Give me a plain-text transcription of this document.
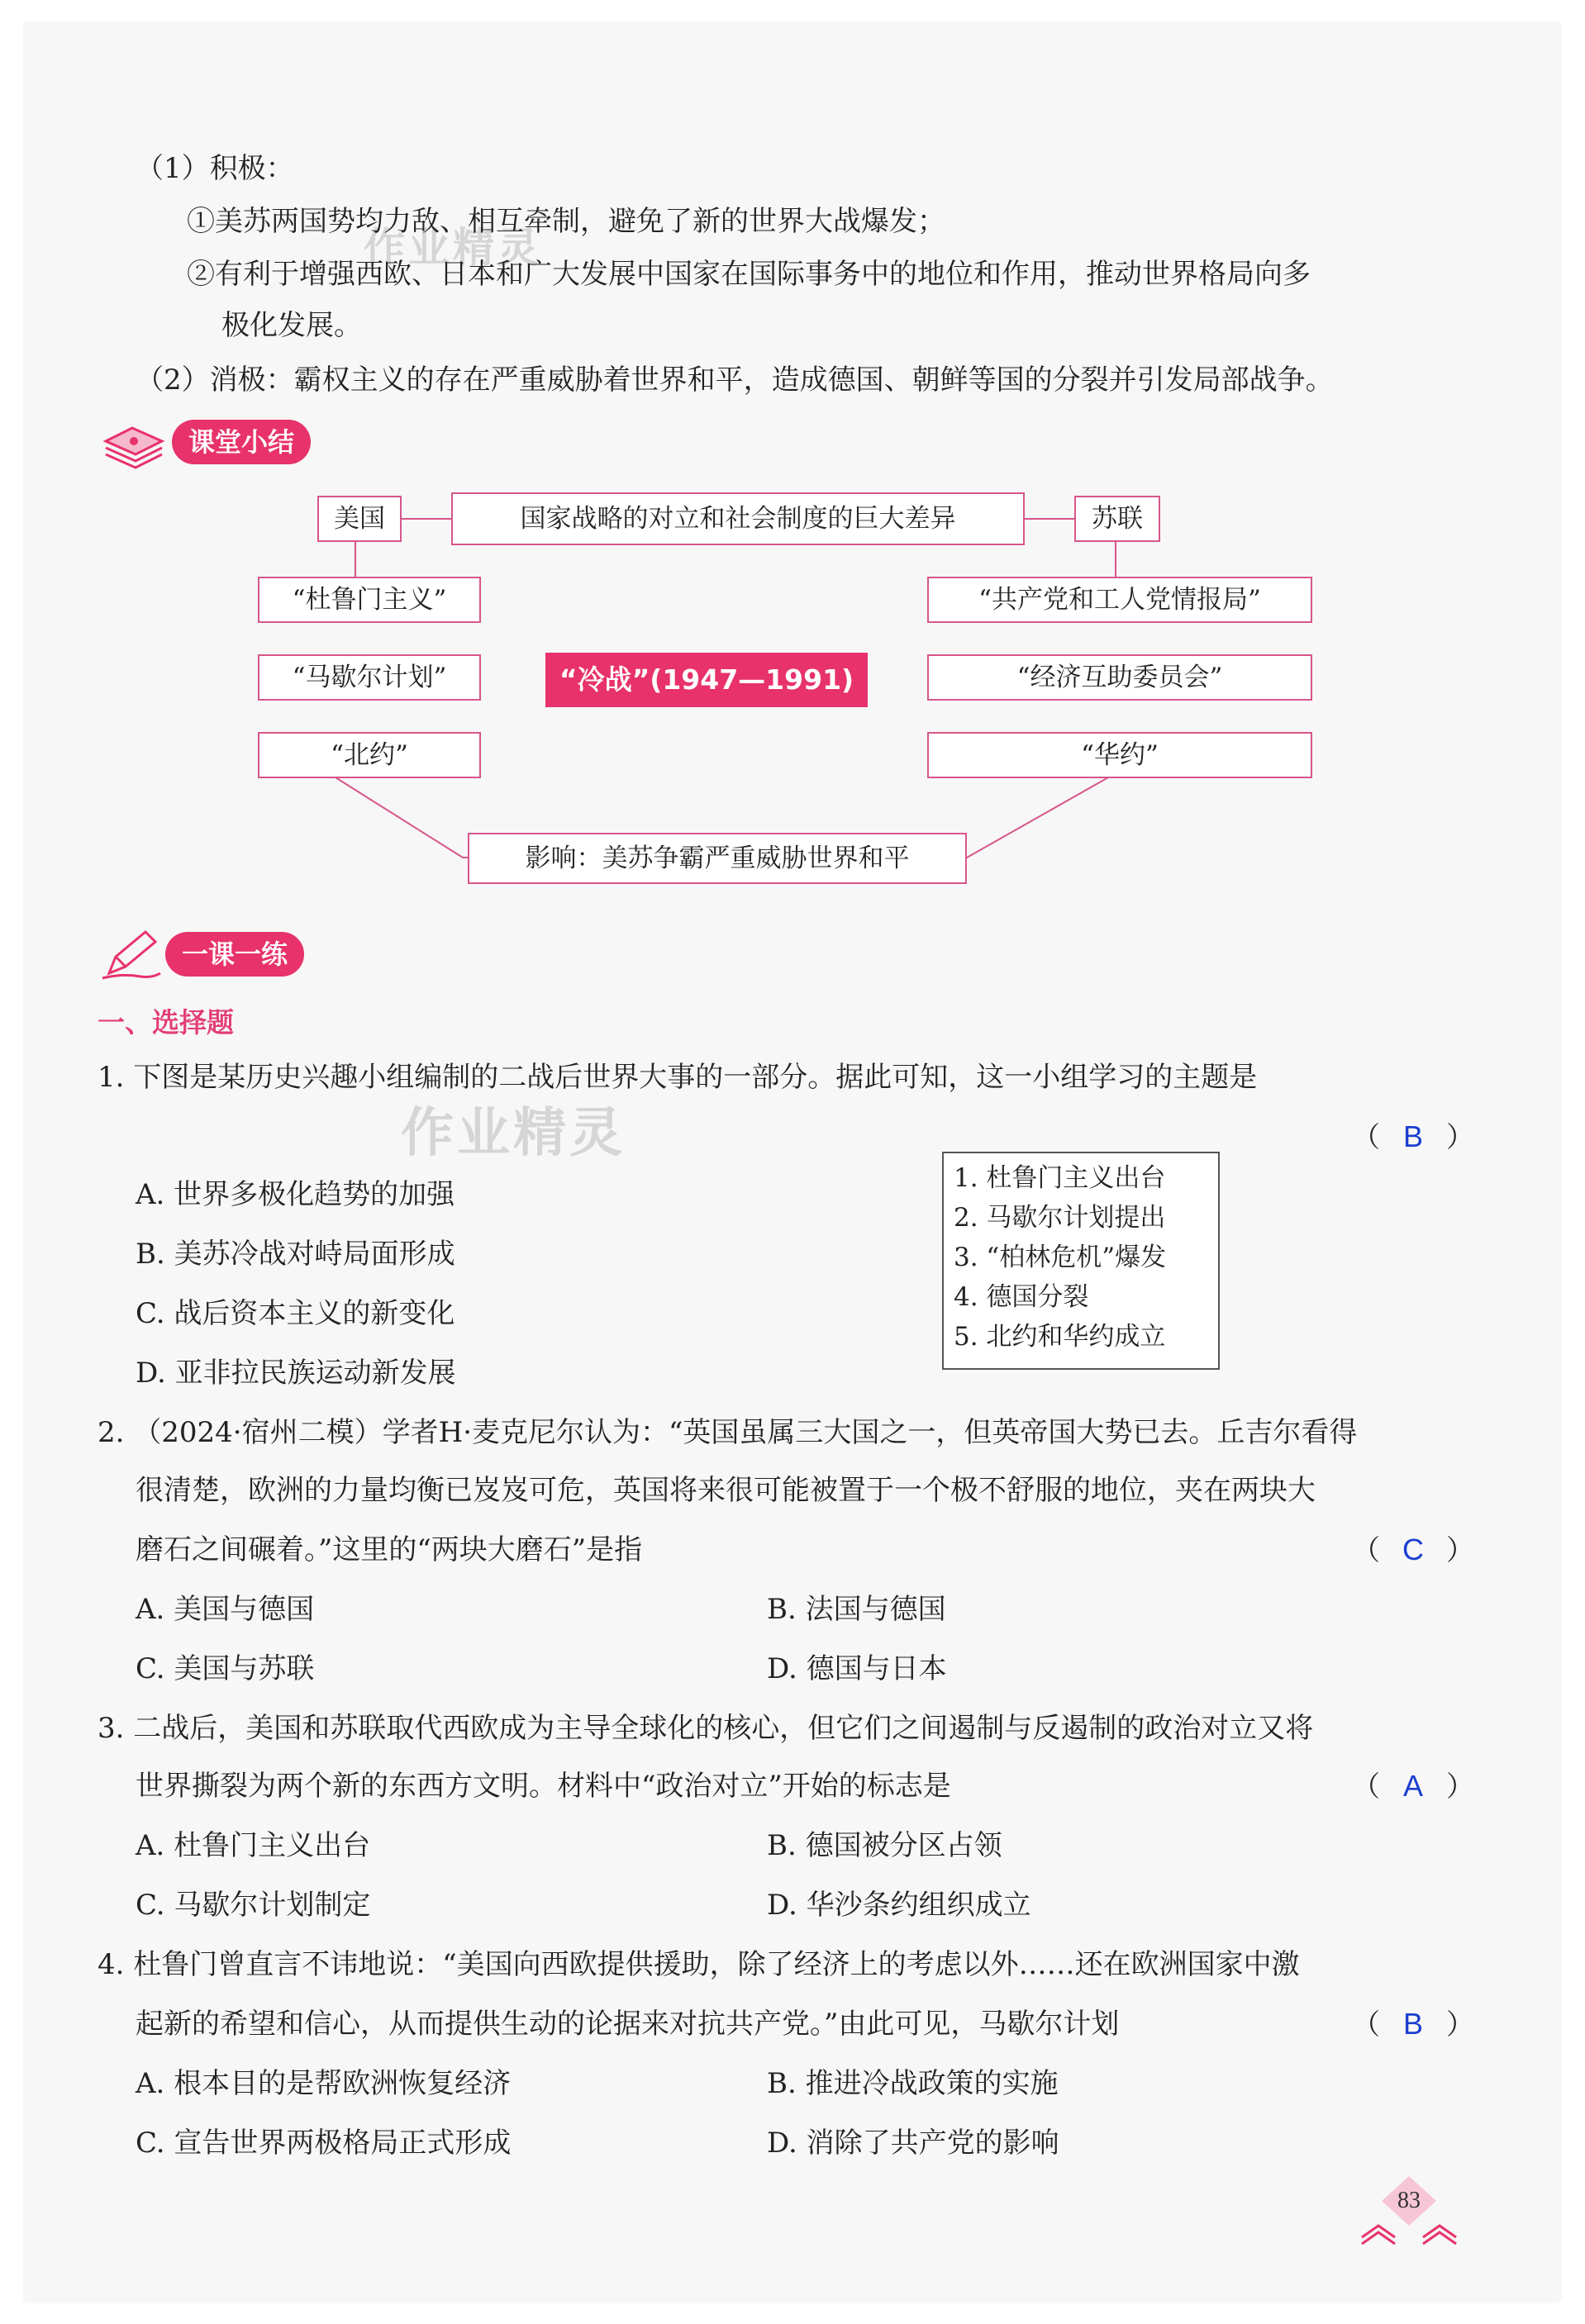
作业精灵
作业精灵
（1）积极：
①美苏两国势均力敌、相互牵制，避免了新的世界大战爆发；
②有利于增强西欧、日本和广大发展中国家在国际事务中的地位和作用，推动世界格局向多
极化发展。
（2）消极：霸权主义的存在严重威胁着世界和平，造成德国、朝鲜等国的分裂并引发局部战争。
课堂小结
美国	国家战略的对立和社会制度的巨大差异	苏联
“杜鲁门主义”
“马歇尔计划”
“北约”
“共产党和工人党情报局”
“经济互助委员会”
“华约”
“冷战”(1947—1991)
影响：美苏争霸严重威胁世界和平
一课一练
一、选择题
1. 下图是某历史兴趣小组编制的二战后世界大事的一部分。据此可知，这一小组学习的主题是
（ B ）
A. 世界多极化趋势的加强
B. 美苏冷战对峙局面形成
C. 战后资本主义的新变化
D. 亚非拉民族运动新发展
1. 杜鲁门主义出台
2. 马歇尔计划提出
3. “柏林危机”爆发
4. 德国分裂
5. 北约和华约成立
2. （2024·宿州二模）学者H·麦克尼尔认为：“英国虽属三大国之一，但英帝国大势已去。丘吉尔看得
很清楚，欧洲的力量均衡已岌岌可危，英国将来很可能被置于一个极不舒服的地位，夹在两块大
磨石之间碾着。”这里的“两块大磨石”是指	（ C ）
A. 美国与德国	B. 法国与德国
C. 美国与苏联	D. 德国与日本
3. 二战后，美国和苏联取代西欧成为主导全球化的核心，但它们之间遏制与反遏制的政治对立又将
世界撕裂为两个新的东西方文明。材料中“政治对立”开始的标志是	（ A ）
A. 杜鲁门主义出台	B. 德国被分区占领
C. 马歇尔计划制定	D. 华沙条约组织成立
4. 杜鲁门曾直言不讳地说：“美国向西欧提供援助，除了经济上的考虑以外……还在欧洲国家中激
起新的希望和信心，从而提供生动的论据来对抗共产党。”由此可见，马歇尔计划	（ B ）
A. 根本目的是帮欧洲恢复经济	B. 推进冷战政策的实施
C. 宣告世界两极格局正式形成	D. 消除了共产党的影响
83
